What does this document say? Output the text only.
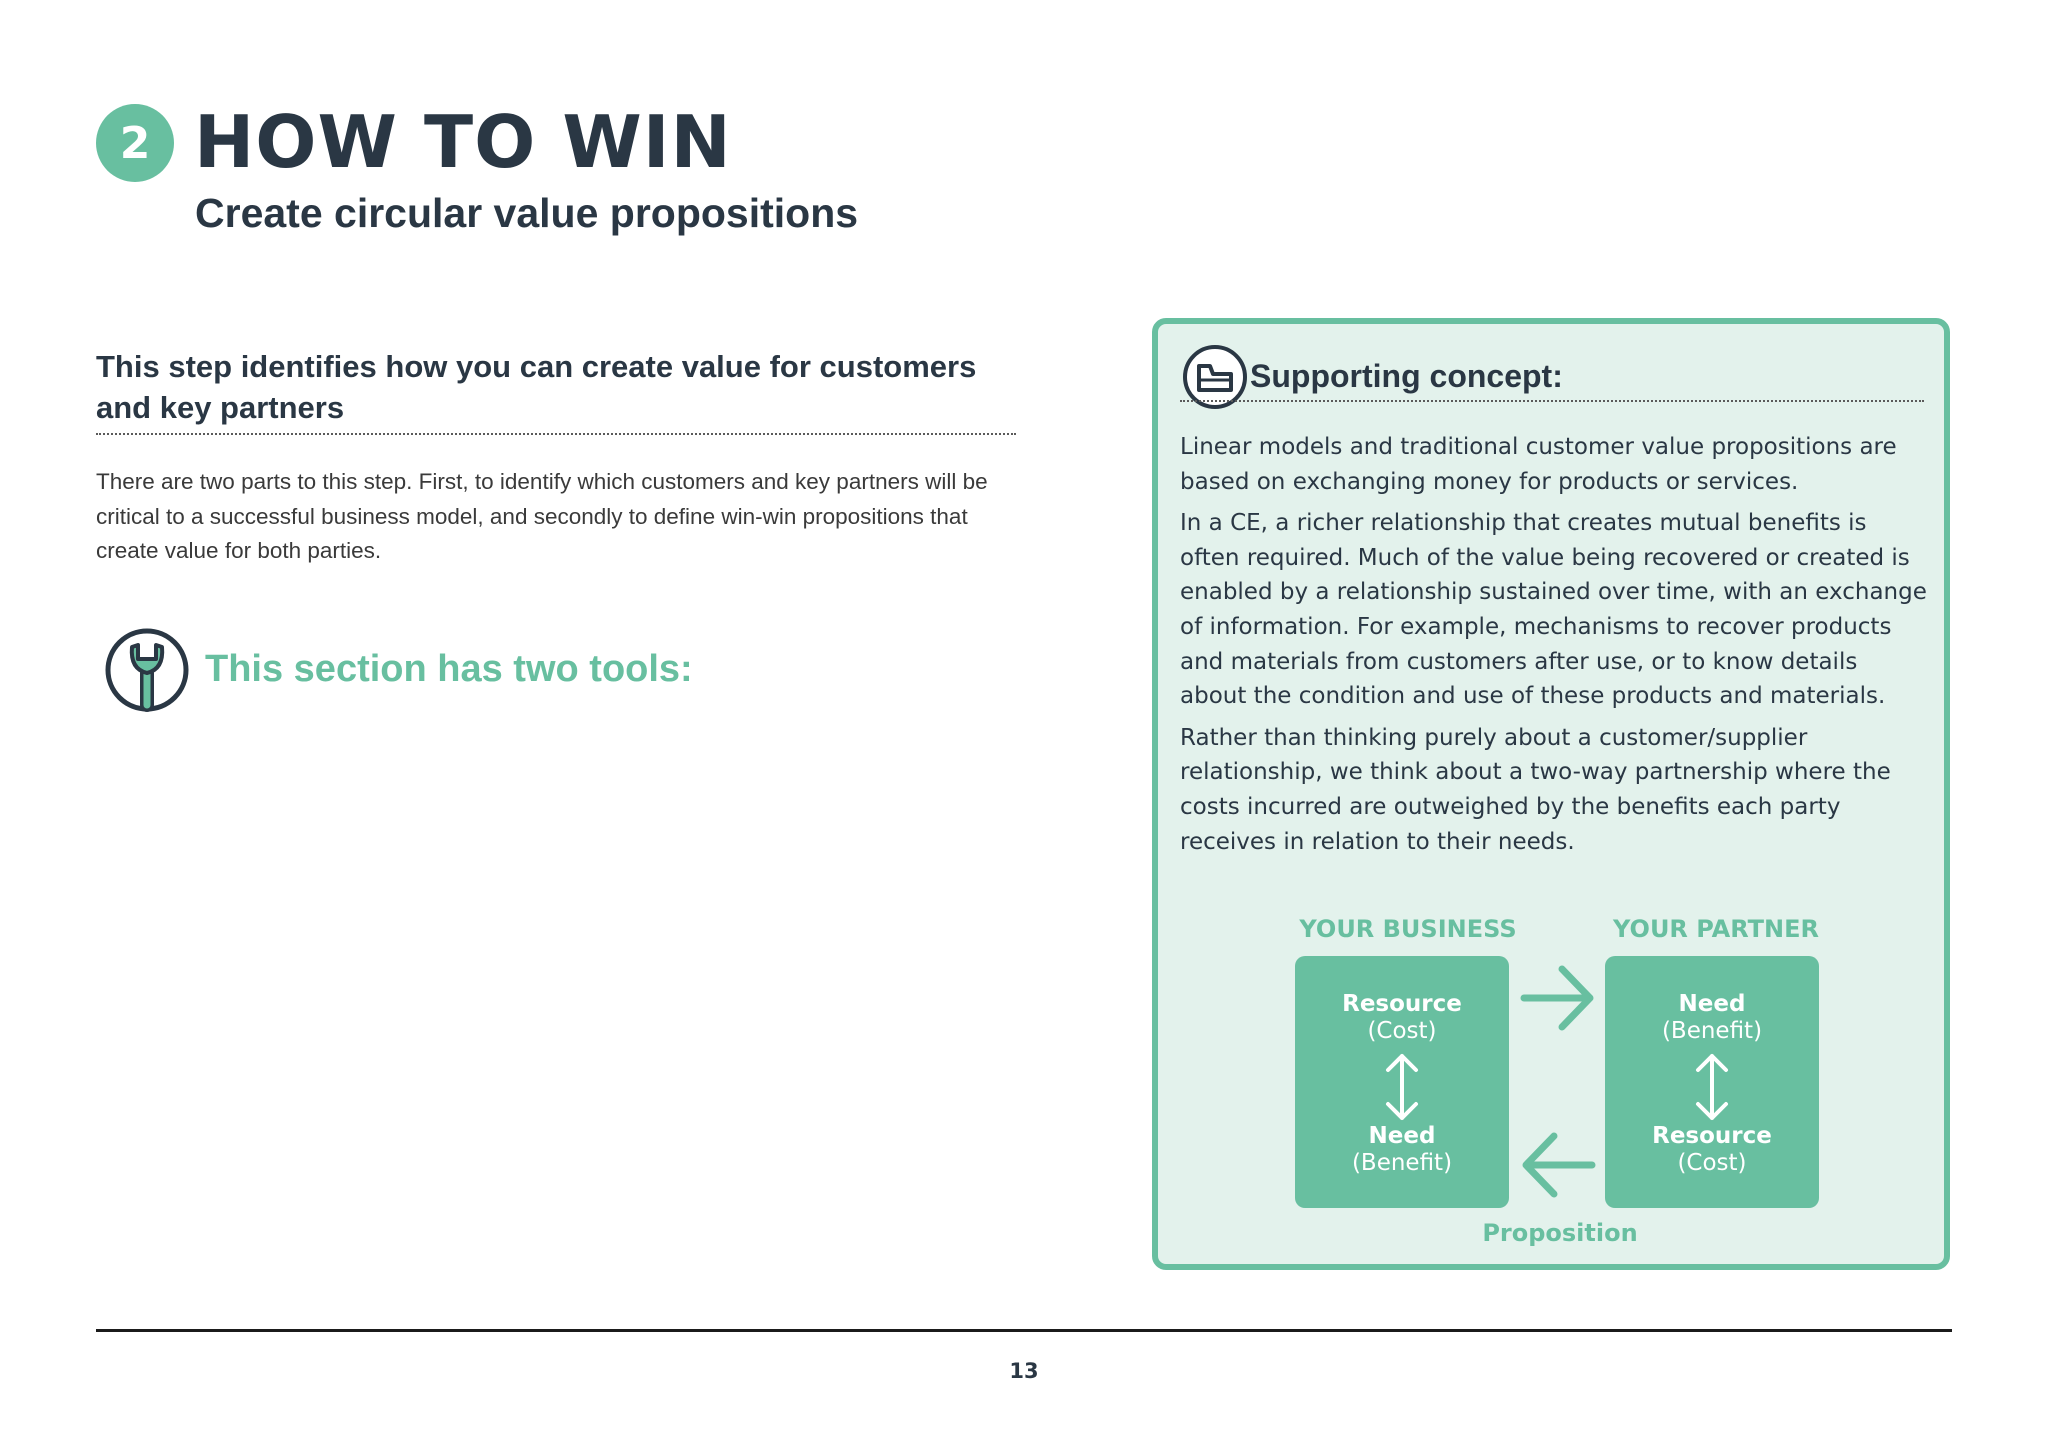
2 HOW TO WIN
Create circular value propositions
This step identifies how you can create value for customers and key partners

There are two parts to this step. First, to identify which customers and key partners will be critical to a successful business model, and secondly to define win-win propositions that create value for both parties.

This section has two tools:
Supporting concept:

Linear models and traditional customer value propositions are based on exchanging money for products or services.

In a CE, a richer relationship that creates mutual benefits is often required. Much of the value being recovered or created is enabled by a relationship sustained over time, with an exchange of information. For example, mechanisms to recover products and materials from customers after use, or to know details about the condition and use of these products and materials.

Rather than thinking purely about a customer/supplier relationship, we think about a two-way partnership where the costs incurred are outweighed by the benefits each party receives in relation to their needs.

YOUR BUSINESS	YOUR PARTNER

Resource
(Cost)
Need
(Benefit)
Need
(Benefit)
Resource
(Cost)

Proposition

13
